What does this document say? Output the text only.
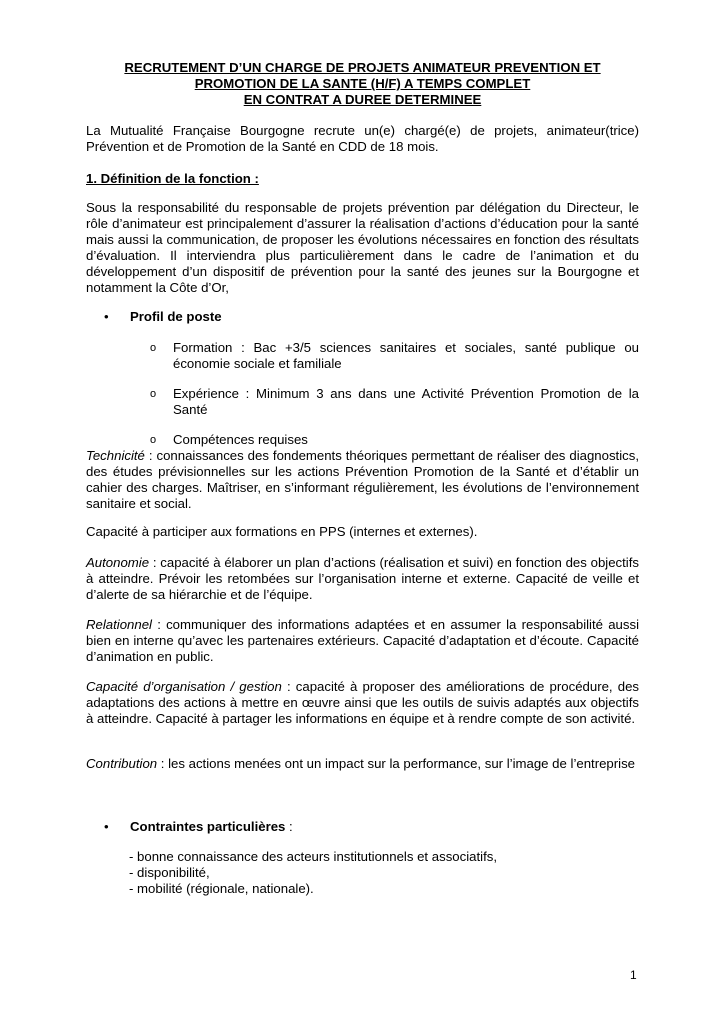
RECRUTEMENT D’UN CHARGE DE PROJETS ANIMATEUR PREVENTION ET
PROMOTION DE LA SANTE (H/F) A TEMPS COMPLET
EN CONTRAT A DUREE DETERMINEE

La Mutualité Française Bourgogne recrute un(e) chargé(e) de projets, animateur(trice) Prévention et de Promotion de la Santé en CDD de 18 mois.

1. Définition de la fonction :

Sous la responsabilité du responsable de projets prévention par délégation du Directeur, le rôle d’animateur est principalement d’assurer la réalisation d’actions d’éducation pour la santé mais aussi la communication, de proposer les évolutions nécessaires en fonction des résultats d’évaluation. Il interviendra plus particulièrement dans le cadre de l’animation et du développement d’un dispositif de prévention pour la santé des jeunes sur la Bourgogne et notamment la Côte d’Or,

• Profil de poste
o Formation : Bac +3/5 sciences sanitaires et sociales, santé publique ou économie sociale et familiale
o Expérience : Minimum 3 ans dans une Activité Prévention Promotion de la Santé
o Compétences requises

Technicité : connaissances des fondements théoriques permettant de réaliser des diagnostics, des études prévisionnelles sur les actions Prévention Promotion de la Santé et d’établir un cahier des charges. Maîtriser, en s’informant régulièrement, les évolutions de l’environnement sanitaire et social.

Capacité à participer aux formations en PPS (internes et externes).

Autonomie : capacité à élaborer un plan d’actions (réalisation et suivi) en fonction des objectifs à atteindre. Prévoir les retombées sur l’organisation interne et externe. Capacité de veille et d’alerte de sa hiérarchie et de l’équipe.

Relationnel : communiquer des informations adaptées et en assumer la responsabilité aussi bien en interne qu’avec les partenaires extérieurs. Capacité d’adaptation et d’écoute. Capacité d’animation en public.

Capacité d’organisation / gestion : capacité à proposer des améliorations de procédure, des adaptations des actions à mettre en œuvre ainsi que les outils de suivis adaptés aux objectifs à atteindre. Capacité à partager les informations en équipe et à rendre compte de son activité.

Contribution : les actions menées ont un impact sur la performance, sur l’image de l’entreprise

• Contraintes particulières :
- bonne connaissance des acteurs institutionnels et associatifs,
- disponibilité,
- mobilité (régionale, nationale).
1
